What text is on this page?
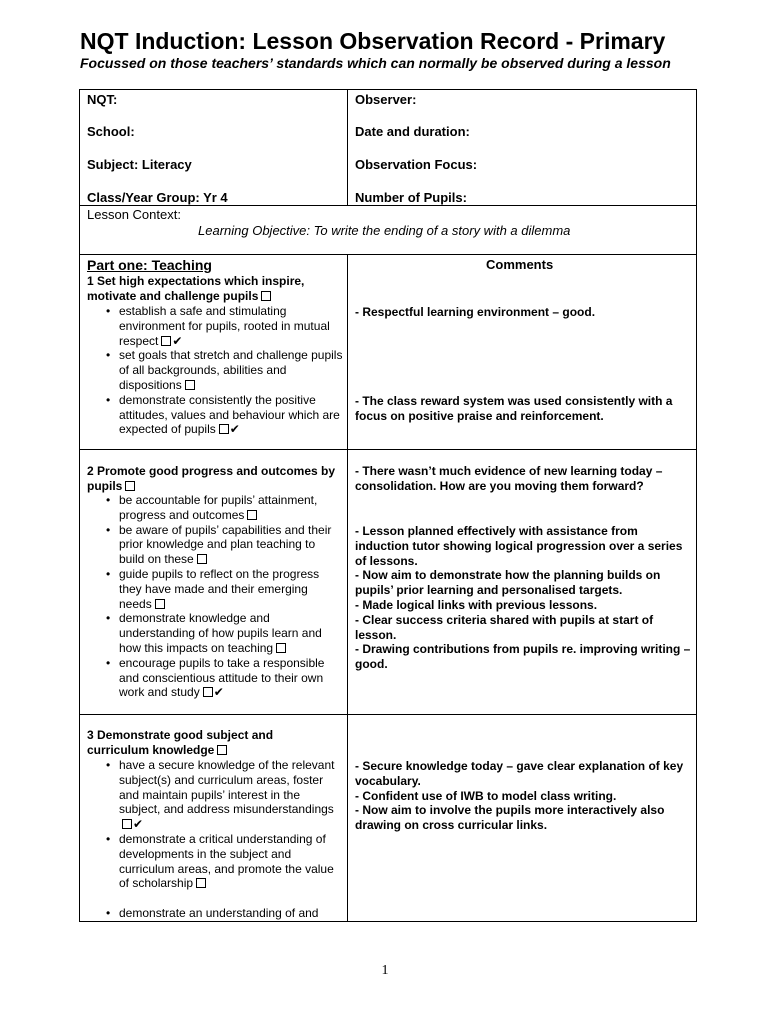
NQT Induction: Lesson Observation Record - Primary

Focussed on those teachers’ standards which can normally be observed during a lesson

NQT:
School:
Subject: Literacy
Class/Year Group: Yr 4
Observer:
Date and duration:
Observation Focus:
Number of Pupils:
Lesson Context:
Learning Objective: To write the ending of a story with a dilemma
Part one: Teaching	Comments
1 Set high expectations which inspire, motivate and challenge pupils
• establish a safe and stimulating environment for pupils, rooted in mutual respect ✔
• set goals that stretch and challenge pupils of all backgrounds, abilities and dispositions
• demonstrate consistently the positive attitudes, values and behaviour which are expected of pupils ✔
- Respectful learning environment – good.
- The class reward system was used consistently with a focus on positive praise and reinforcement.
2 Promote good progress and outcomes by pupils
• be accountable for pupils’ attainment, progress and outcomes
• be aware of pupils’ capabilities and their prior knowledge and plan teaching to build on these
• guide pupils to reflect on the progress they have made and their emerging needs
• demonstrate knowledge and understanding of how pupils learn and how this impacts on teaching
• encourage pupils to take a responsible and conscientious attitude to their own work and study ✔
- There wasn’t much evidence of new learning today – consolidation. How are you moving them forward?
- Lesson planned effectively with assistance from induction tutor showing logical progression over a series of lessons.
- Now aim to demonstrate how the planning builds on pupils’ prior learning and personalised targets.
- Made logical links with previous lessons.
- Clear success criteria shared with pupils at start of lesson.
- Drawing contributions from pupils re. improving writing – good.
3 Demonstrate good subject and curriculum knowledge
• have a secure knowledge of the relevant subject(s) and curriculum areas, foster and maintain pupils’ interest in the subject, and address misunderstandings✔
• demonstrate a critical understanding of developments in the subject and curriculum areas, and promote the value of scholarship
• demonstrate an understanding of and
- Secure knowledge today – gave clear explanation of key vocabulary.
- Confident use of IWB to model class writing.
- Now aim to involve the pupils more interactively also drawing on cross curricular links.
1
